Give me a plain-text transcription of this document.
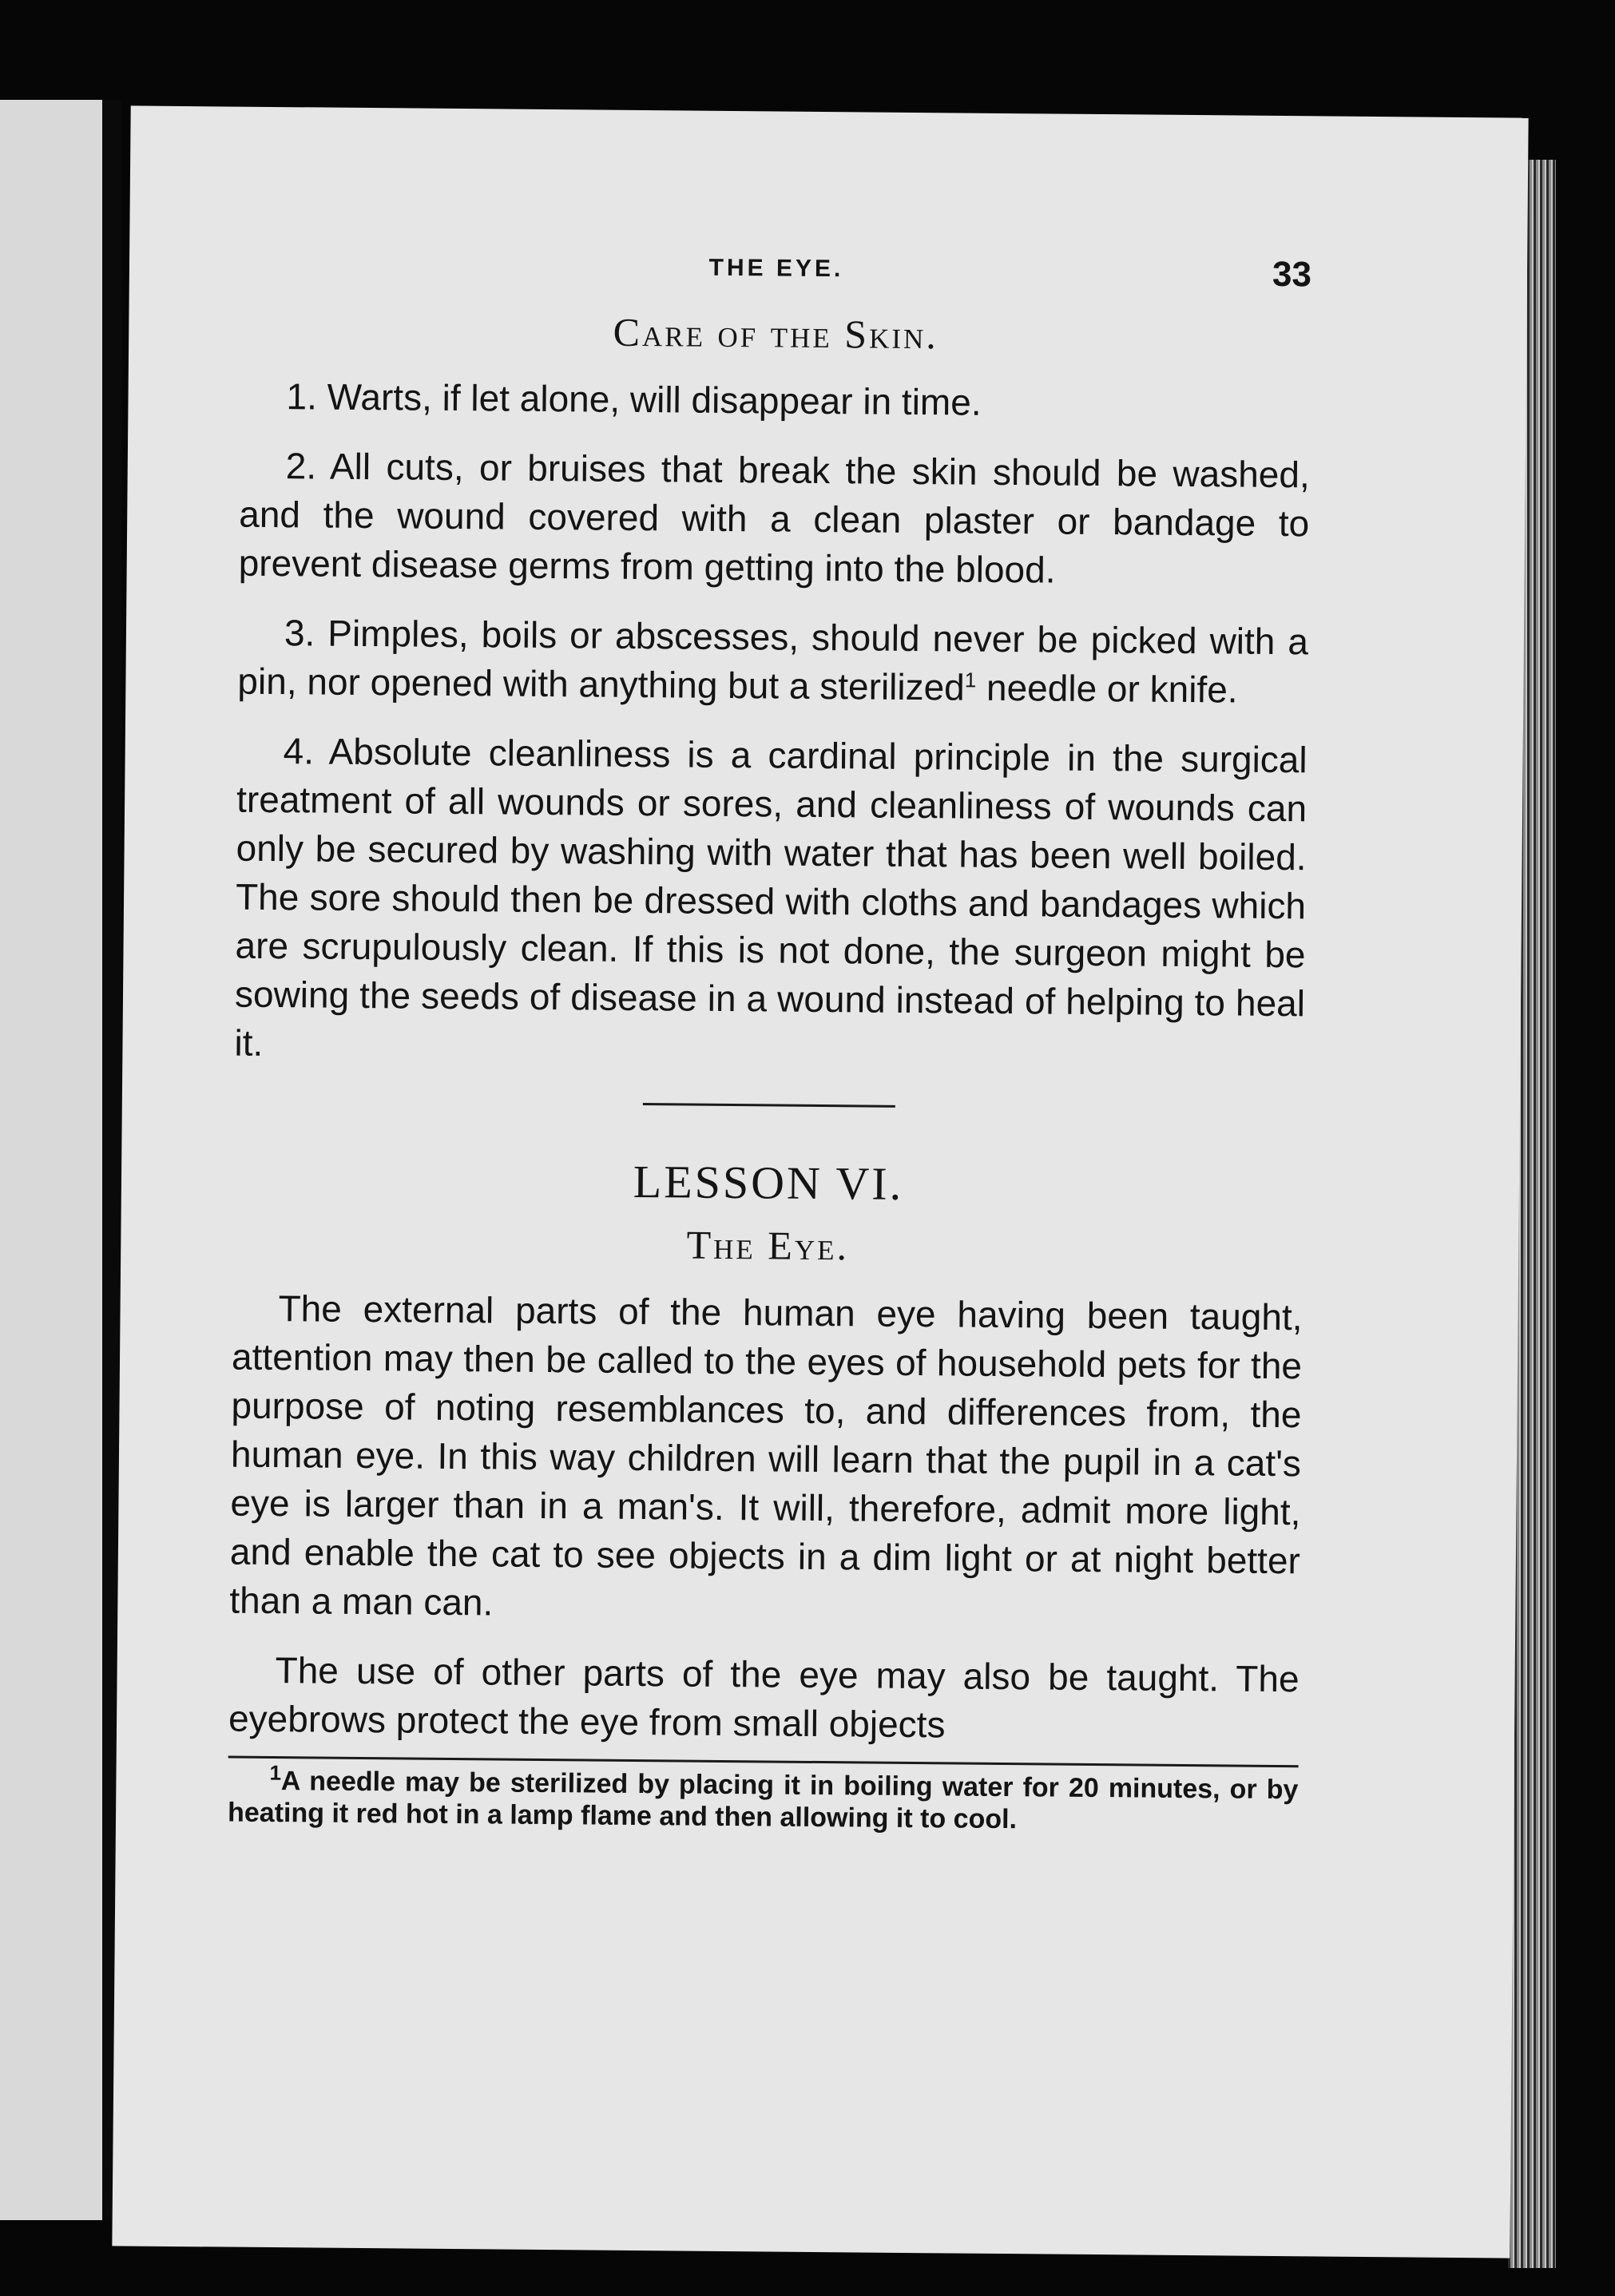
THE EYE.	33
Care of the Skin.

1. Warts, if let alone, will disappear in time.

2. All cuts, or bruises that break the skin should be washed, and the wound covered with a clean plaster or bandage to prevent disease germs from getting into the blood.

3. Pimples, boils or abscesses, should never be picked with a pin, nor opened with anything but a sterilized$^1$ needle or knife.

4. Absolute cleanliness is a cardinal principle in the surgical treatment of all wounds or sores, and cleanliness of wounds can only be secured by washing with water that has been well boiled. The sore should then be dressed with cloths and bandages which are scrupulously clean. If this is not done, the surgeon might be sowing the seeds of disease in a wound instead of helping to heal it.

LESSON VI.
The Eye.

The external parts of the human eye having been taught, attention may then be called to the eyes of household pets for the purpose of noting resemblances to, and differences from, the human eye. In this way children will learn that the pupil in a cat's eye is larger than in a man's. It will, therefore, admit more light, and enable the cat to see objects in a dim light or at night better than a man can.

The use of other parts of the eye may also be taught. The eyebrows protect the eye from small objects

$^1$A needle may be sterilized by placing it in boiling water for 20 minutes, or by heating it red hot in a lamp flame and then allowing it to cool.
